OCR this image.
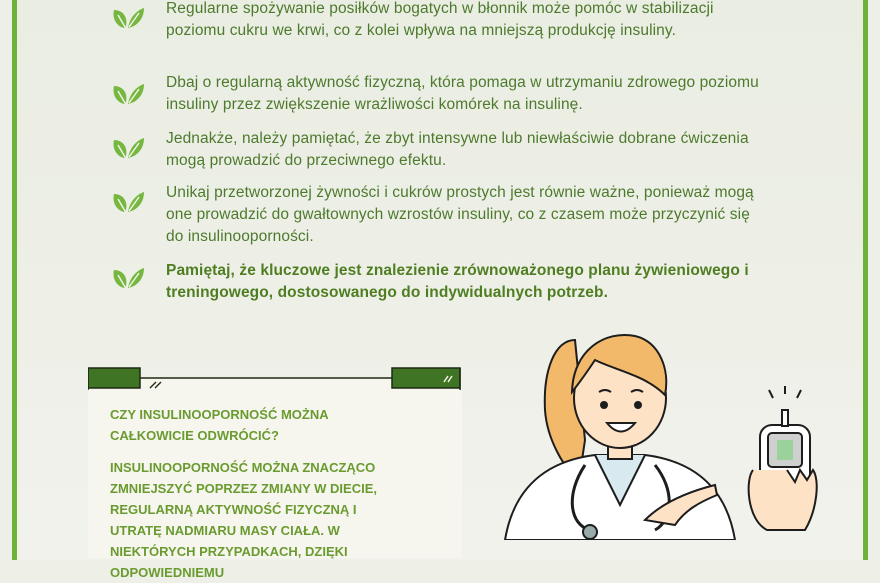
Regularne spożywanie posiłków bogatych w błonnik może pomóc w stabilizacji poziomu cukru we krwi, co z kolei wpływa na mniejszą produkcję insuliny.

Dbaj o regularną aktywność fizyczną, która pomaga w utrzymaniu zdrowego poziomu insuliny przez zwiększenie wrażliwości komórek na insulinę.

Jednakże, należy pamiętać, że zbyt intensywne lub niewłaściwie dobrane ćwiczenia mogą prowadzić do przeciwnego efektu.

Unikaj przetworzonej żywności i cukrów prostych jest równie ważne, ponieważ mogą one prowadzić do gwałtownych wzrostów insuliny, co z czasem może przyczynić się do insulinooporności.

Pamiętaj, że kluczowe jest znalezienie zrównoważonego planu żywieniowego i treningowego, dostosowanego do indywidualnych potrzeb.

CZY INSULINOOPORNOŚĆ MOŻNA CAŁKOWICIE ODWRÓCIĆ?

INSULINOOPORNOŚĆ MOŻNA ZNACZĄCO ZMNIEJSZYĆ POPRZEZ ZMIANY W DIECIE, REGULARNĄ AKTYWNOŚĆ FIZYCZNĄ I UTRATĘ NADMIARU MASY CIAŁA. W NIEKTÓRYCH PRZYPADKACH, DZIĘKI ODPOWIEDNIEMU
